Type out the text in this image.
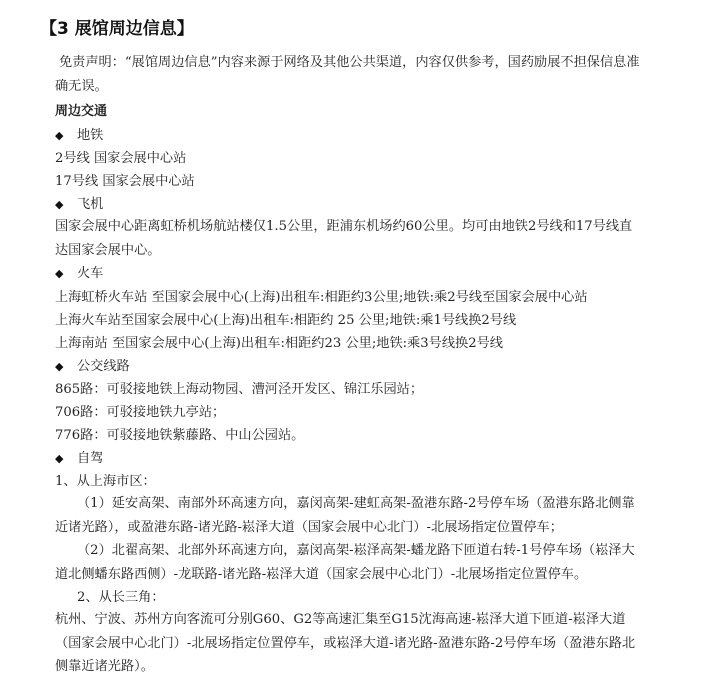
【3 展馆周边信息】
免责声明：“展馆周边信息”内容来源于网络及其他公共渠道，内容仅供参考，国药励展不担保信息准确无误。
周边交通
◆ 地铁
2号线 国家会展中心站
17号线 国家会展中心站
◆ 飞机
国家会展中心距离虹桥机场航站楼仅1.5公里，距浦东机场约60公里。均可由地铁2号线和17号线直达国家会展中心。
◆ 火车
上海虹桥火车站 至国家会展中心(上海)出租车:相距约3公里;地铁:乘2号线至国家会展中心站
上海火车站至国家会展中心(上海)出租车:相距约 25 公里;地铁:乘1号线换2号线
上海南站 至国家会展中心(上海)出租车:相距约23 公里;地铁:乘3号线换2号线
◆ 公交线路
865路：可驳接地铁上海动物园、漕河泾开发区、锦江乐园站；
706路：可驳接地铁九亭站；
776路：可驳接地铁紫藤路、中山公园站。
◆ 自驾
1、从上海市区：
（1）延安高架、南部外环高速方向，嘉闵高架-建虹高架-盈港东路-2号停车场（盈港东路北侧靠近诸光路），或盈港东路-诸光路-崧泽大道（国家会展中心北门）-北展场指定位置停车；
（2）北翟高架、北部外环高速方向，嘉闵高架-崧泽高架-蟠龙路下匝道右转-1号停车场（崧泽大道北侧蟠东路西侧）-龙联路-诸光路-崧泽大道（国家会展中心北门）-北展场指定位置停车。
2、从长三角：
杭州、宁波、苏州方向客流可分别G60、G2等高速汇集至G15沈海高速-崧泽大道下匝道-崧泽大道（国家会展中心北门）-北展场指定位置停车，或崧泽大道-诸光路-盈港东路-2号停车场（盈港东路北侧靠近诸光路）。
